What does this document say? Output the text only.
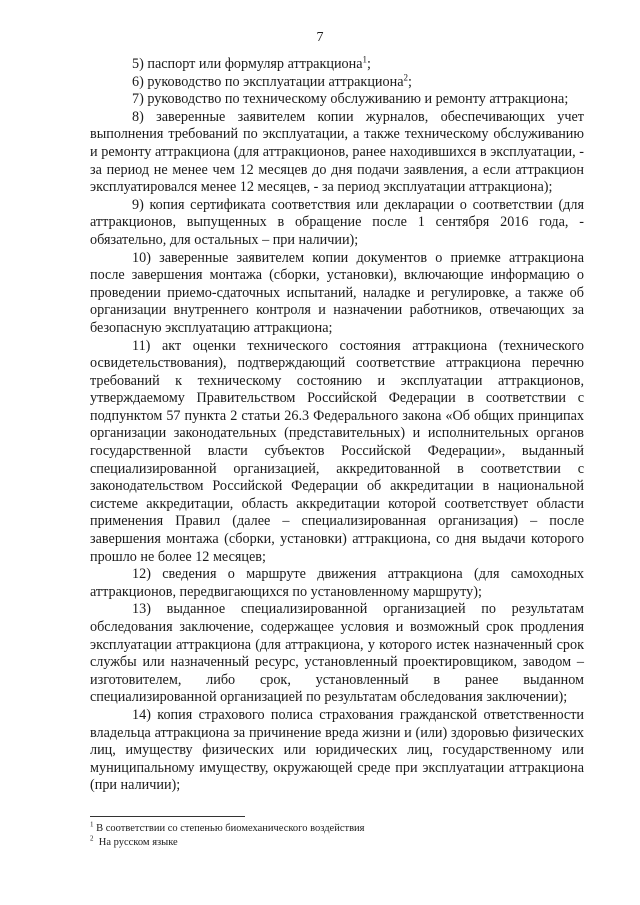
7

5) паспорт или формуляр аттракциона$^1$;

6) руководство по эксплуатации аттракциона$^2$;

7) руководство по техническому обслуживанию и ремонту аттракциона;

8) заверенные заявителем копии журналов, обеспечивающих учет выполнения требований по эксплуатации, а также техническому обслуживанию и ремонту аттракциона (для аттракционов, ранее находившихся в эксплуатации, - за период не менее чем 12 месяцев до дня подачи заявления, а если аттракцион эксплуатировался менее 12 месяцев, - за период эксплуатации аттракциона);

9) копия сертификата соответствия или декларации о соответствии (для аттракционов, выпущенных в обращение после 1 сентября 2016 года, - обязательно, для остальных – при наличии);

10) заверенные заявителем копии документов о приемке аттракциона после завершения монтажа (сборки, установки), включающие информацию о проведении приемо-сдаточных испытаний, наладке и регулировке, а также об организации внутреннего контроля и назначении работников, отвечающих за безопасную эксплуатацию аттракциона;

11) акт оценки технического состояния аттракциона (технического освидетельствования), подтверждающий соответствие аттракциона перечню требований к техническому состоянию и эксплуатации аттракционов, утверждаемому Правительством Российской Федерации в соответствии с подпунктом 57 пункта 2 статьи 26.3 Федерального закона «Об общих принципах организации законодательных (представительных) и исполнительных органов государственной власти субъектов Российской Федерации», выданный специализированной организацией, аккредитованной в соответствии с законодательством Российской Федерации об аккредитации в национальной системе аккредитации, область аккредитации которой соответствует области применения Правил (далее – специализированная организация) – после завершения монтажа (сборки, установки) аттракциона, со дня выдачи которого прошло не более 12 месяцев;

12) сведения о маршруте движения аттракциона (для самоходных аттракционов, передвигающихся по установленному маршруту);

13) выданное специализированной организацией по результатам обследования заключение, содержащее условия и возможный срок продления эксплуатации аттракциона (для аттракциона, у которого истек назначенный срок службы или назначенный ресурс, установленный проектировщиком, заводом – изготовителем, либо срок, установленный в ранее выданном специализированной организацией по результатам обследования заключении);

14) копия страхового полиса страхования гражданской ответственности владельца аттракциона за причинение вреда жизни и (или) здоровью физических лиц, имуществу физических или юридических лиц, государственному или муниципальному имуществу, окружающей среде при эксплуатации аттракциона (при наличии);

$^1$ В соответствии со степенью биомеханического воздействия
$^2$ На русском языке
